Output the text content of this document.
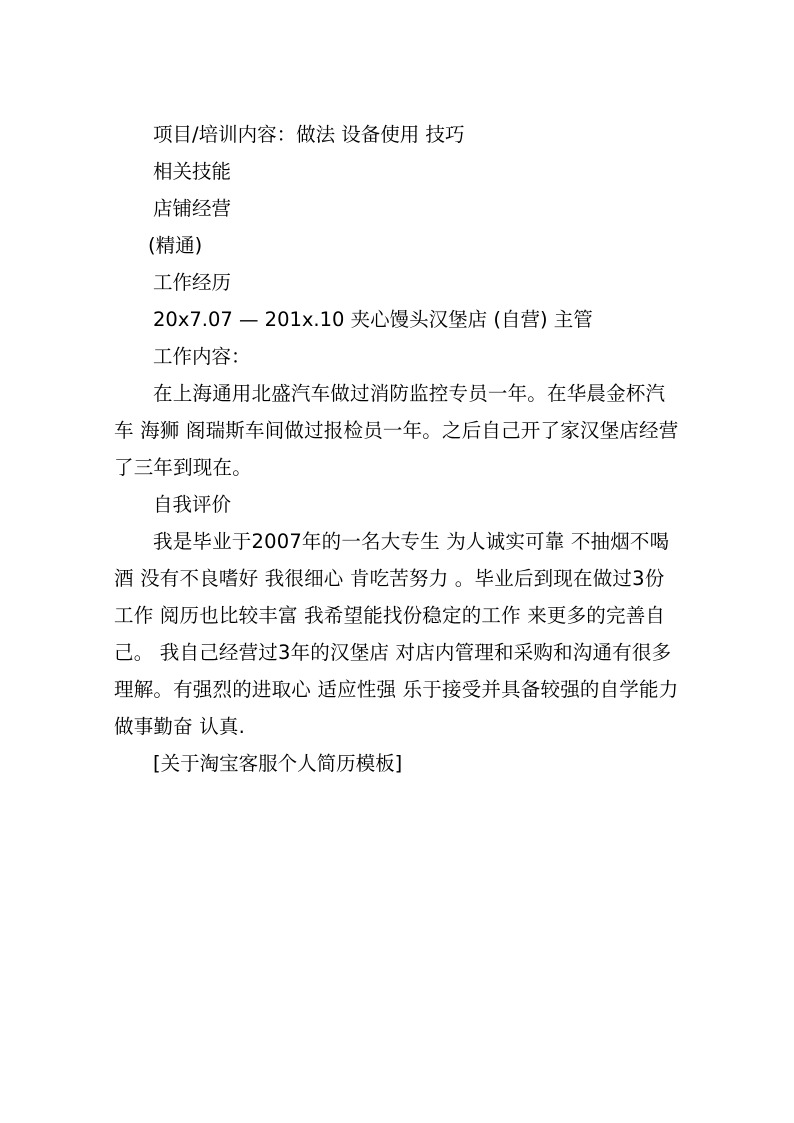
项目/培训内容：做法 设备使用 技巧

相关技能

店铺经营

(精通)

工作经历

20x7.07 — 201x.10 夹心馒头汉堡店 (自营) 主管

工作内容：

在上海通用北盛汽车做过消防监控专员一年。在华晨金杯汽车 海狮 阁瑞斯车间做过报检员一年。之后自己开了家汉堡店经营了三年到现在。

自我评价

我是毕业于2007年的一名大专生 为人诚实可靠 不抽烟不喝酒 没有不良嗜好 我很细心 肯吃苦努力 。毕业后到现在做过3份工作 阅历也比较丰富 我希望能找份稳定的工作 来更多的完善自己。 我自己经营过3年的汉堡店 对店内管理和采购和沟通有很多理解。有强烈的进取心 适应性强 乐于接受并具备较强的自学能力 做事勤奋 认真.

[关于淘宝客服个人简历模板]
